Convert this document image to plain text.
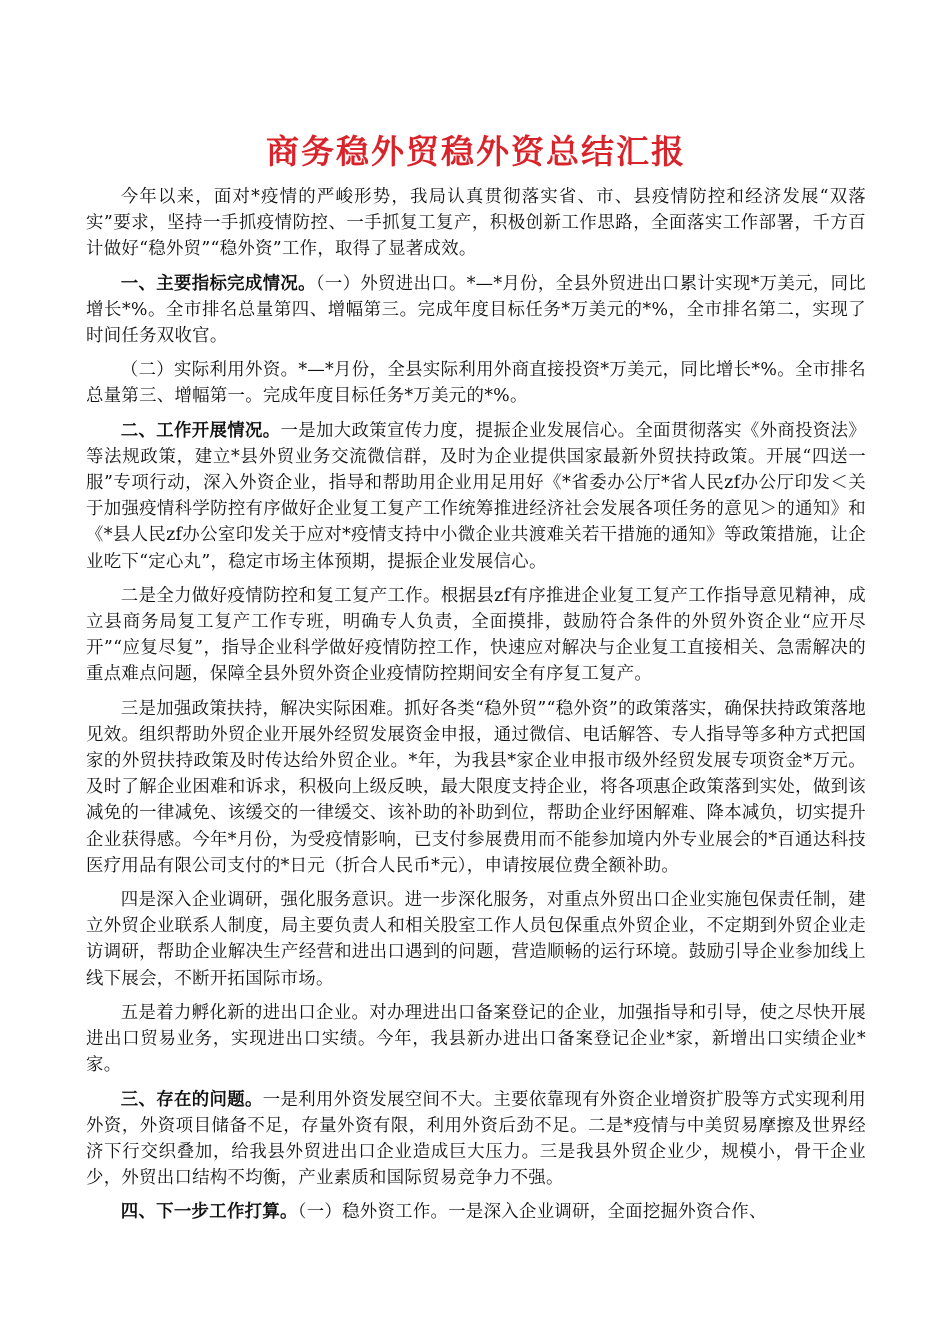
商务稳外贸稳外资总结汇报

今年以来，面对*疫情的严峻形势，我局认真贯彻落实省、市、县疫情防控和经济发展“双落实”要求，坚持一手抓疫情防控、一手抓复工复产，积极创新工作思路，全面落实工作部署，千方百计做好“稳外贸”“稳外资”工作，取得了显著成效。

一、主要指标完成情况。（一）外贸进出口。*—*月份，全县外贸进出口累计实现*万美元，同比增长*%。全市排名总量第四、增幅第三。完成年度目标任务*万美元的*%，全市排名第二，实现了时间任务双收官。

（二）实际利用外资。*—*月份，全县实际利用外商直接投资*万美元，同比增长*%。全市排名总量第三、增幅第一。完成年度目标任务*万美元的*%。

二、工作开展情况。一是加大政策宣传力度，提振企业发展信心。全面贯彻落实《外商投资法》等法规政策，建立*县外贸业务交流微信群，及时为企业提供国家最新外贸扶持政策。开展“四送一服”专项行动，深入外资企业，指导和帮助用企业用足用好《*省委办公厅*省人民zf办公厅印发＜关于加强疫情科学防控有序做好企业复工复产工作统筹推进经济社会发展各项任务的意见＞的通知》和《*县人民zf办公室印发关于应对*疫情支持中小微企业共渡难关若干措施的通知》等政策措施，让企业吃下“定心丸”，稳定市场主体预期，提振企业发展信心。

二是全力做好疫情防控和复工复产工作。根据县zf有序推进企业复工复产工作指导意见精神，成立县商务局复工复产工作专班，明确专人负责，全面摸排，鼓励符合条件的外贸外资企业“应开尽开”“应复尽复”，指导企业科学做好疫情防控工作，快速应对解决与企业复工直接相关、急需解决的重点难点问题，保障全县外贸外资企业疫情防控期间安全有序复工复产。

三是加强政策扶持，解决实际困难。抓好各类“稳外贸”“稳外资”的政策落实，确保扶持政策落地见效。组织帮助外贸企业开展外经贸发展资金申报，通过微信、电话解答、专人指导等多种方式把国家的外贸扶持政策及时传达给外贸企业。*年，为我县*家企业申报市级外经贸发展专项资金*万元。及时了解企业困难和诉求，积极向上级反映，最大限度支持企业，将各项惠企政策落到实处，做到该减免的一律减免、该缓交的一律缓交、该补助的补助到位，帮助企业纾困解难、降本减负，切实提升企业获得感。今年*月份，为受疫情影响，已支付参展费用而不能参加境内外专业展会的*百通达科技医疗用品有限公司支付的*日元（折合人民币*元），申请按展位费全额补助。

四是深入企业调研，强化服务意识。进一步深化服务，对重点外贸出口企业实施包保责任制，建立外贸企业联系人制度，局主要负责人和相关股室工作人员包保重点外贸企业，不定期到外贸企业走访调研，帮助企业解决生产经营和进出口遇到的问题，营造顺畅的运行环境。鼓励引导企业参加线上线下展会，不断开拓国际市场。

五是着力孵化新的进出口企业。对办理进出口备案登记的企业，加强指导和引导，使之尽快开展进出口贸易业务，实现进出口实绩。今年，我县新办进出口备案登记企业*家，新增出口实绩企业*家。

三、存在的问题。一是利用外资发展空间不大。主要依靠现有外资企业增资扩股等方式实现利用外资，外资项目储备不足，存量外资有限，利用外资后劲不足。二是*疫情与中美贸易摩擦及世界经济下行交织叠加，给我县外贸进出口企业造成巨大压力。三是我县外贸企业少，规模小，骨干企业少，外贸出口结构不均衡，产业素质和国际贸易竞争力不强。

四、下一步工作打算。（一）稳外资工作。一是深入企业调研，全面挖掘外资合作、
